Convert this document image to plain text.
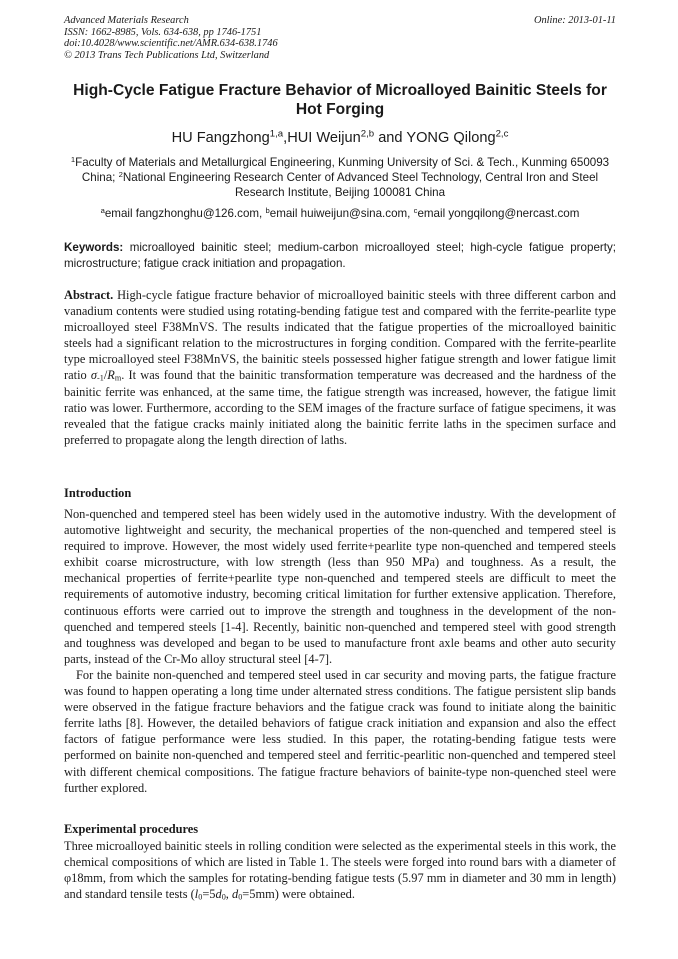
Advanced Materials Research
ISSN: 1662-8985, Vols. 634-638, pp 1746-1751
doi:10.4028/www.scientific.net/AMR.634-638.1746
© 2013 Trans Tech Publications Ltd, Switzerland
Online: 2013-01-11
High-Cycle Fatigue Fracture Behavior of Microalloyed Bainitic Steels for Hot Forging
HU Fangzhong$^{1,a}$,HUI Weijun$^{2,b}$ and YONG Qilong$^{2,c}$
$^1$Faculty of Materials and Metallurgical Engineering, Kunming University of Sci. & Tech., Kunming 650093 China; $^2$National Engineering Research Center of Advanced Steel Technology, Central Iron and Steel Research Institute, Beijing 100081 China
$^a$email fangzhonghu@126.com, $^b$email huiweijun@sina.com, $^c$email yongqilong@nercast.com
Keywords: microalloyed bainitic steel; medium-carbon microalloyed steel; high-cycle fatigue property; microstructure; fatigue crack initiation and propagation.
Abstract. High-cycle fatigue fracture behavior of microalloyed bainitic steels with three different carbon and vanadium contents were studied using rotating-bending fatigue test and compared with the ferrite-pearlite type microalloyed steel F38MnVS. The results indicated that the fatigue properties of the microalloyed bainitic steels had a significant relation to the microstructures in forging condition. Compared with the ferrite-pearlite type microalloyed steel F38MnVS, the bainitic steels possessed higher fatigue strength and lower fatigue limit ratio $\sigma_{-1}/R_m$. It was found that the bainitic transformation temperature was decreased and the hardness of the bainitic ferrite was enhanced, at the same time, the fatigue strength was increased, however, the fatigue limit ratio was lower. Furthermore, according to the SEM images of the fracture surface of fatigue specimens, it was revealed that the fatigue cracks mainly initiated along the bainitic ferrite laths in the specimen surface and preferred to propagate along the length direction of laths.
Introduction

Non-quenched and tempered steel has been widely used in the automotive industry. With the development of automotive lightweight and security, the mechanical properties of the non-quenched and tempered steel is required to improve. However, the most widely used ferrite+pearlite type non-quenched and tempered steels exhibit coarse microstructure, with low strength (less than 950 MPa) and toughness. As a result, the mechanical properties of ferrite+pearlite type non-quenched and tempered steels are difficult to meet the requirements of automotive industry, becoming critical limitation for further extensive application. Therefore, continuous efforts were carried out to improve the strength and toughness in the development of the non-quenched and tempered steels [1-4]. Recently, bainitic non-quenched and tempered steel with good strength and toughness was developed and began to be used to manufacture front axle beams and other auto security parts, instead of the Cr-Mo alloy structural steel [4-7].

For the bainite non-quenched and tempered steel used in car security and moving parts, the fatigue fracture was found to happen operating a long time under alternated stress conditions. The fatigue persistent slip bands were observed in the fatigue fracture behaviors and the fatigue crack was found to initiate along the bainitic ferrite laths [8]. However, the detailed behaviors of fatigue crack initiation and expansion and also the effect factors of fatigue performance were less studied. In this paper, the rotating-bending fatigue tests were performed on bainite non-quenched and tempered steel and ferritic-pearlitic non-quenched and tempered steel with different chemical compositions. The fatigue fracture behaviors of bainite-type non-quenched steel were further explored.

Experimental procedures
Three microalloyed bainitic steels in rolling condition were selected as the experimental steels in this work, the chemical compositions of which are listed in Table 1. The steels were forged into round bars with a diameter of φ18mm, from which the samples for rotating-bending fatigue tests (5.97 mm in diameter and 30 mm in length) and standard tensile tests ($l_0=5d_0$, $d_0=5mm$) were obtained.
